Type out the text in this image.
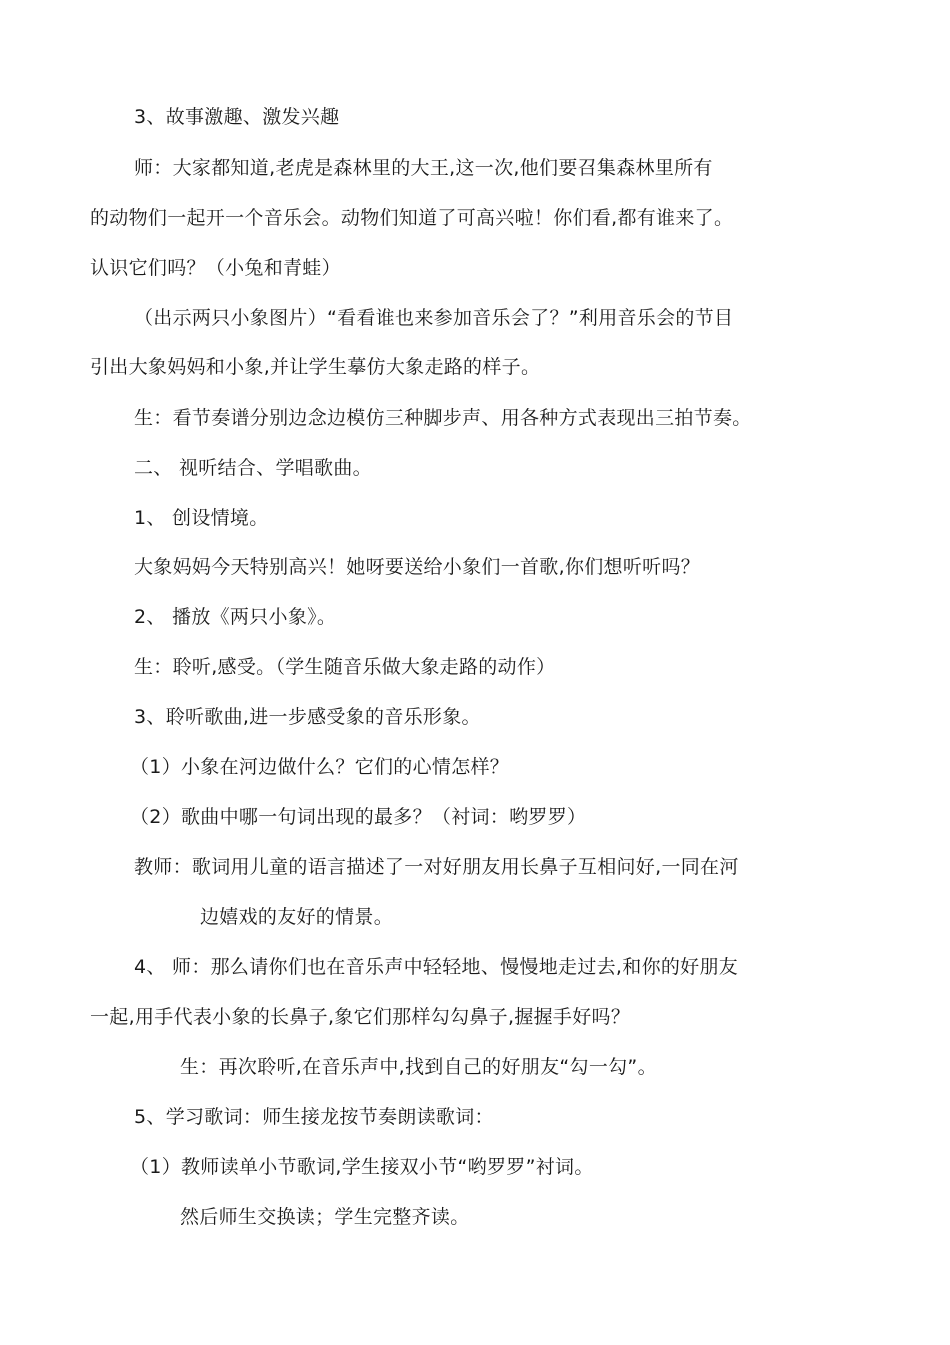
3、故事激趣、激发兴趣
师：大家都知道,老虎是森林里的大王,这一次,他们要召集森林里所有
的动物们一起开一个音乐会。动物们知道了可高兴啦！你们看,都有谁来了。
认识它们吗？（小兔和青蛙）
（出示两只小象图片）“看看谁也来参加音乐会了？”利用音乐会的节目
引出大象妈妈和小象,并让学生摹仿大象走路的样子。
生：看节奏谱分别边念边模仿三种脚步声、用各种方式表现出三拍节奏。
二、 视听结合、学唱歌曲。
1、 创设情境。
大象妈妈今天特别高兴！她呀要送给小象们一首歌,你们想听听吗？
2、 播放《两只小象》。
生：聆听,感受。（学生随音乐做大象走路的动作）
3、聆听歌曲,进一步感受象的音乐形象。
（1）小象在河边做什么？它们的心情怎样？
（2）歌曲中哪一句词出现的最多？（衬词：哟罗罗）
教师：歌词用儿童的语言描述了一对好朋友用长鼻子互相问好,一同在河
边嬉戏的友好的情景。
4、 师：那么请你们也在音乐声中轻轻地、慢慢地走过去,和你的好朋友
一起,用手代表小象的长鼻子,象它们那样勾勾鼻子,握握手好吗？
生：再次聆听,在音乐声中,找到自己的好朋友“勾一勾”。
5、学习歌词：师生接龙按节奏朗读歌词：
（1）教师读单小节歌词,学生接双小节“哟罗罗”衬词。
然后师生交换读；学生完整齐读。
